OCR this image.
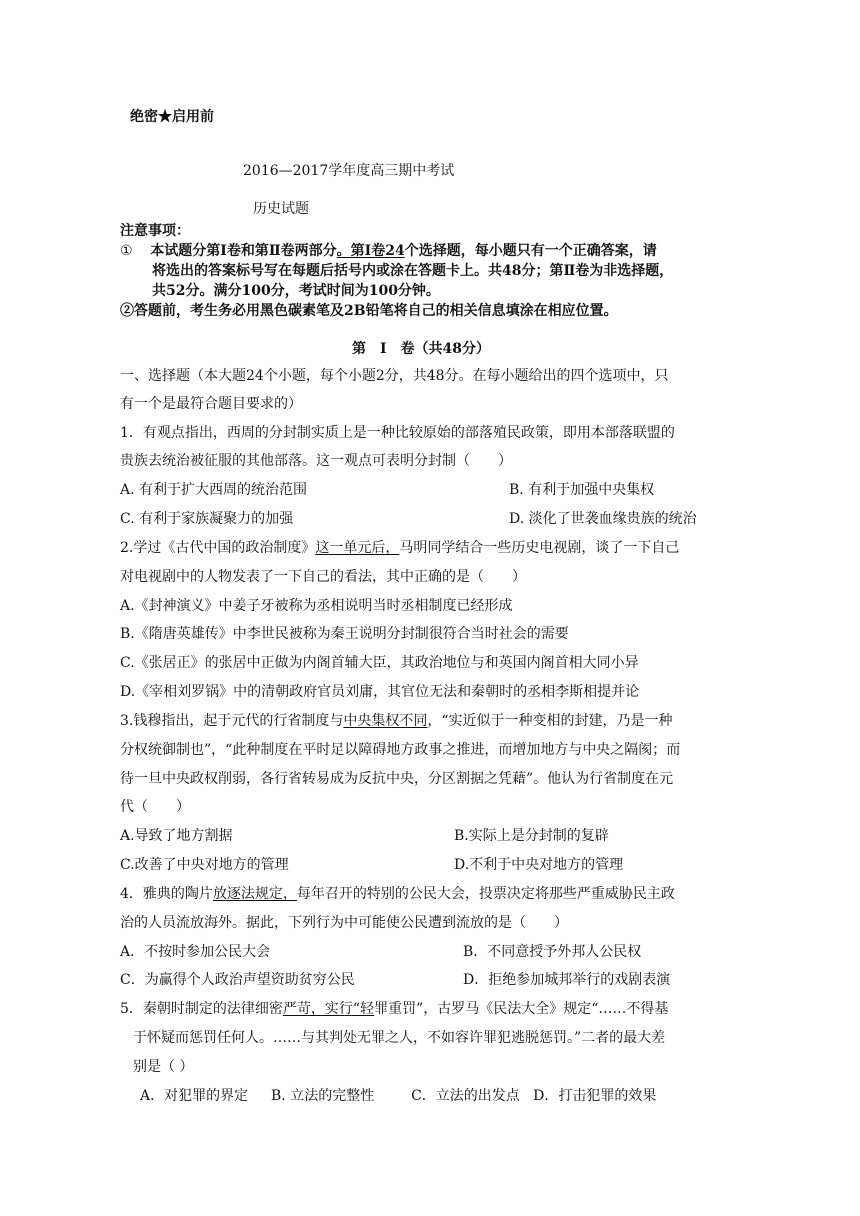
绝密★启用前
2016—2017学年度高三期中考试
历史试题
注意事项：
① 本试题分第Ⅰ卷和第Ⅱ卷两部分。第Ⅰ卷24个选择题，每小题只有一个正确答案，请
将选出的答案标号写在每题后括号内或涂在答题卡上。共48分；第Ⅱ卷为非选择题，
共52分。满分100分，考试时间为100分钟。
②答题前，考生务必用黑色碳素笔及2B铅笔将自己的相关信息填涂在相应位置。
第　Ⅰ　卷（共48分）
一、选择题（本大题24个小题，每个小题2分，共48分。在每小题给出的四个选项中，只
有一个是最符合题目要求的）
1．有观点指出，西周的分封制实质上是一种比较原始的部落殖民政策，即用本部落联盟的
贵族去统治被征服的其他部落。这一观点可表明分封制（　　）
A. 有利于扩大西周的统治范围	B. 有利于加强中央集权
C. 有利于家族凝聚力的加强	D. 淡化了世袭血缘贵族的统治
2.学过《古代中国的政治制度》这一单元后，马明同学结合一些历史电视剧，谈了一下自己
对电视剧中的人物发表了一下自己的看法，其中正确的是（　　）
A.《封神演义》中姜子牙被称为丞相说明当时丞相制度已经形成
B.《隋唐英雄传》中李世民被称为秦王说明分封制很符合当时社会的需要
C.《张居正》的张居中正做为内阁首辅大臣，其政治地位与和英国内阁首相大同小异
D.《宰相刘罗锅》中的清朝政府官员刘庸，其官位无法和秦朝时的丞相李斯相提并论
3.钱穆指出，起于元代的行省制度与中央集权不同，“实近似于一种变相的封建，乃是一种
分权统御制也”，“此种制度在平时足以障碍地方政事之推进，而增加地方与中央之隔阂；而
待一旦中央政权削弱，各行省转易成为反抗中央，分区割据之凭藉”。他认为行省制度在元
代（　　）
A.导致了地方割据	B.实际上是分封制的复辟
C.改善了中央对地方的管理	D.不利于中央对地方的管理
4．雅典的陶片放逐法规定，每年召开的特别的公民大会，投票决定将那些严重威胁民主政
治的人员流放海外。据此，下列行为中可能使公民遭到流放的是（　　）
A．不按时参加公民大会	B．不同意授予外邦人公民权
C．为赢得个人政治声望资助贫穷公民	D．拒绝参加城邦举行的戏剧表演
5．秦朝时制定的法律细密严苛，实行“轻罪重罚”，古罗马《民法大全》规定“……不得基
于怀疑而惩罚任何人。……与其判处无罪之人，不如容许罪犯逃脱惩罚。”二者的最大差
别是（ ）
A．对犯罪的界定　  B. 立法的完整性　　  C．立法的出发点   D．打击犯罪的效果
